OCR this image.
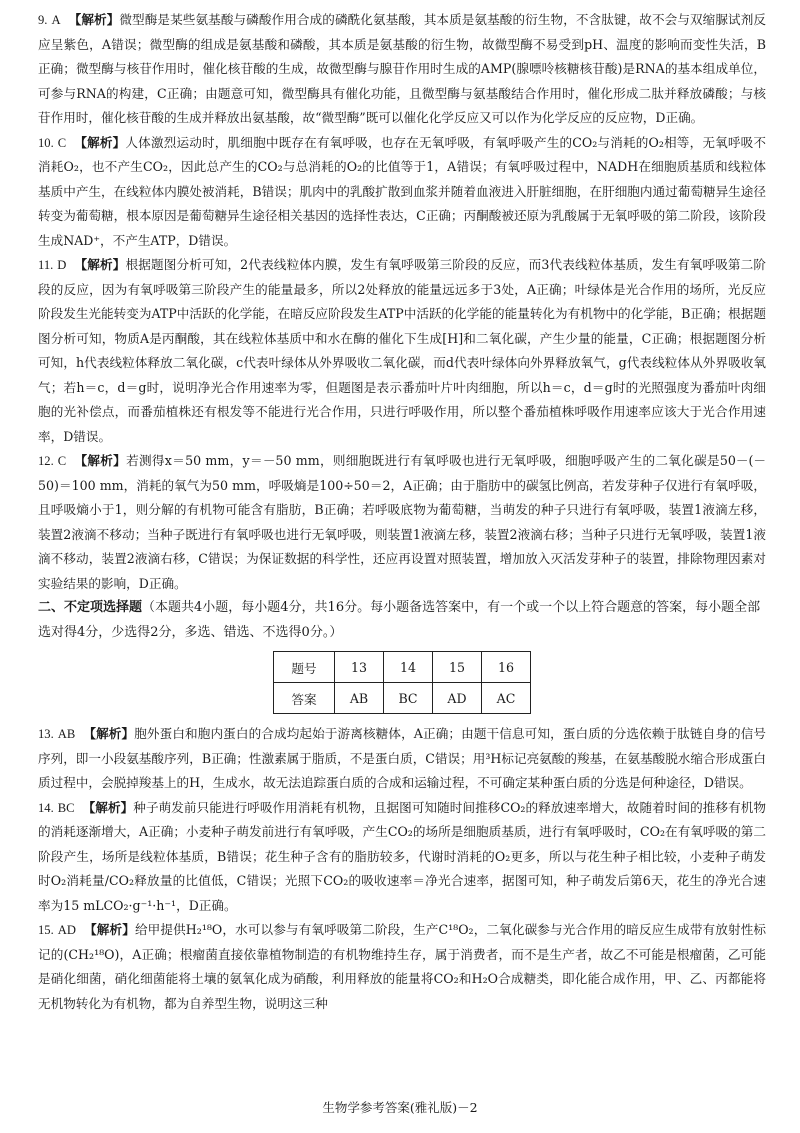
9. A 【解析】微型酶是某些氨基酸与磷酸作用合成的磷酰化氨基酸，其本质是氨基酸的衍生物，不含肽键，故不会与双缩脲试剂反应呈紫色，A错误；微型酶的组成是氨基酸和磷酸，其本质是氨基酸的衍生物，故微型酶不易受到pH、温度的影响而变性失活，B正确；微型酶与核苷作用时，催化核苷酸的生成，故微型酶与腺苷作用时生成的AMP(腺嘌呤核糖核苷酸)是RNA的基本组成单位，可参与RNA的构建，C正确；由题意可知，微型酶具有催化功能，且微型酶与氨基酸结合作用时，催化形成二肽并释放磷酸；与核苷作用时，催化核苷酸的生成并释放出氨基酸，故“微型酶”既可以催化化学反应又可以作为化学反应的反应物，D正确。

10. C 【解析】人体激烈运动时，肌细胞中既存在有氧呼吸，也存在无氧呼吸，有氧呼吸产生的CO₂与消耗的O₂相等，无氧呼吸不消耗O₂，也不产生CO₂，因此总产生的CO₂与总消耗的O₂的比值等于1，A错误；有氧呼吸过程中，NADH在细胞质基质和线粒体基质中产生，在线粒体内膜处被消耗，B错误；肌肉中的乳酸扩散到血浆并随着血液进入肝脏细胞，在肝细胞内通过葡萄糖异生途径转变为葡萄糖，根本原因是葡萄糖异生途径相关基因的选择性表达，C正确；丙酮酸被还原为乳酸属于无氧呼吸的第二阶段，该阶段生成NAD⁺，不产生ATP，D错误。

11. D 【解析】根据题图分析可知，2代表线粒体内膜，发生有氧呼吸第三阶段的反应，而3代表线粒体基质，发生有氧呼吸第二阶段的反应，因为有氧呼吸第三阶段产生的能量最多，所以2处释放的能量远远多于3处，A正确；叶绿体是光合作用的场所，光反应阶段发生光能转变为ATP中活跃的化学能，在暗反应阶段发生ATP中活跃的化学能的能量转化为有机物中的化学能，B正确；根据题图分析可知，物质A是丙酮酸，其在线粒体基质中和水在酶的催化下生成[H]和二氧化碳，产生少量的能量，C正确；根据题图分析可知，h代表线粒体释放二氧化碳，c代表叶绿体从外界吸收二氧化碳，而d代表叶绿体向外界释放氧气，g代表线粒体从外界吸收氧气；若h＝c，d＝g时，说明净光合作用速率为零，但题图是表示番茄叶片叶肉细胞，所以h＝c，d＝g时的光照强度为番茄叶肉细胞的光补偿点，而番茄植株还有根发等不能进行光合作用，只进行呼吸作用，所以整个番茄植株呼吸作用速率应该大于光合作用速率，D错误。

12. C 【解析】若测得x＝50 mm，y＝－50 mm，则细胞既进行有氧呼吸也进行无氧呼吸，细胞呼吸产生的二氧化碳是50－(－50)＝100 mm，消耗的氧气为50 mm，呼吸熵是100÷50＝2，A正确；由于脂肪中的碳氢比例高，若发芽种子仅进行有氧呼吸，且呼吸熵小于1，则分解的有机物可能含有脂肪，B正确；若呼吸底物为葡萄糖，当萌发的种子只进行有氧呼吸，装置1液滴左移，装置2液滴不移动；当种子既进行有氧呼吸也进行无氧呼吸，则装置1液滴左移，装置2液滴右移；当种子只进行无氧呼吸，装置1液滴不移动，装置2液滴右移，C错误；为保证数据的科学性，还应再设置对照装置，增加放入灭活发芽种子的装置，排除物理因素对实验结果的影响，D正确。

二、不定项选择题（本题共4小题，每小题4分，共16分。每小题备选答案中，有一个或一个以上符合题意的答案，每小题全部选对得4分，少选得2分，多选、错选、不选得0分。）

题号	13	14	15	16
答案	AB	BC	AD	AC

13. AB 【解析】胞外蛋白和胞内蛋白的合成均起始于游离核糖体，A正确；由题干信息可知，蛋白质的分选依赖于肽链自身的信号序列，即一小段氨基酸序列，B正确；性激素属于脂质，不是蛋白质，C错误；用³H标记亮氨酸的羧基，在氨基酸脱水缩合形成蛋白质过程中，会脱掉羧基上的H，生成水，故无法追踪蛋白质的合成和运输过程，不可确定某种蛋白质的分选是何种途径，D错误。

14. BC 【解析】种子萌发前只能进行呼吸作用消耗有机物，且据图可知随时间推移CO₂的释放速率增大，故随着时间的推移有机物的消耗逐渐增大，A正确；小麦种子萌发前进行有氧呼吸，产生CO₂的场所是细胞质基质，进行有氧呼吸时，CO₂在有氧呼吸的第二阶段产生，场所是线粒体基质，B错误；花生种子含有的脂肪较多，代谢时消耗的O₂更多，所以与花生种子相比较，小麦种子萌发时O₂消耗量/CO₂释放量的比值低，C错误；光照下CO₂的吸收速率＝净光合速率，据图可知，种子萌发后第6天，花生的净光合速率为15 mLCO₂·g⁻¹·h⁻¹，D正确。

15. AD 【解析】给甲提供H₂¹⁸O，水可以参与有氧呼吸第二阶段，生产C¹⁸O₂，二氧化碳参与光合作用的暗反应生成带有放射性标记的(CH₂¹⁸O)，A正确；根瘤菌直接依靠植物制造的有机物维持生存，属于消费者，而不是生产者，故乙不可能是根瘤菌，乙可能是硝化细菌，硝化细菌能将土壤的氨氧化成为硝酸，利用释放的能量将CO₂和H₂O合成糖类，即化能合成作用，甲、乙、丙都能将无机物转化为有机物，都为自养型生物，说明这三种

生物学参考答案(雅礼版)－2
